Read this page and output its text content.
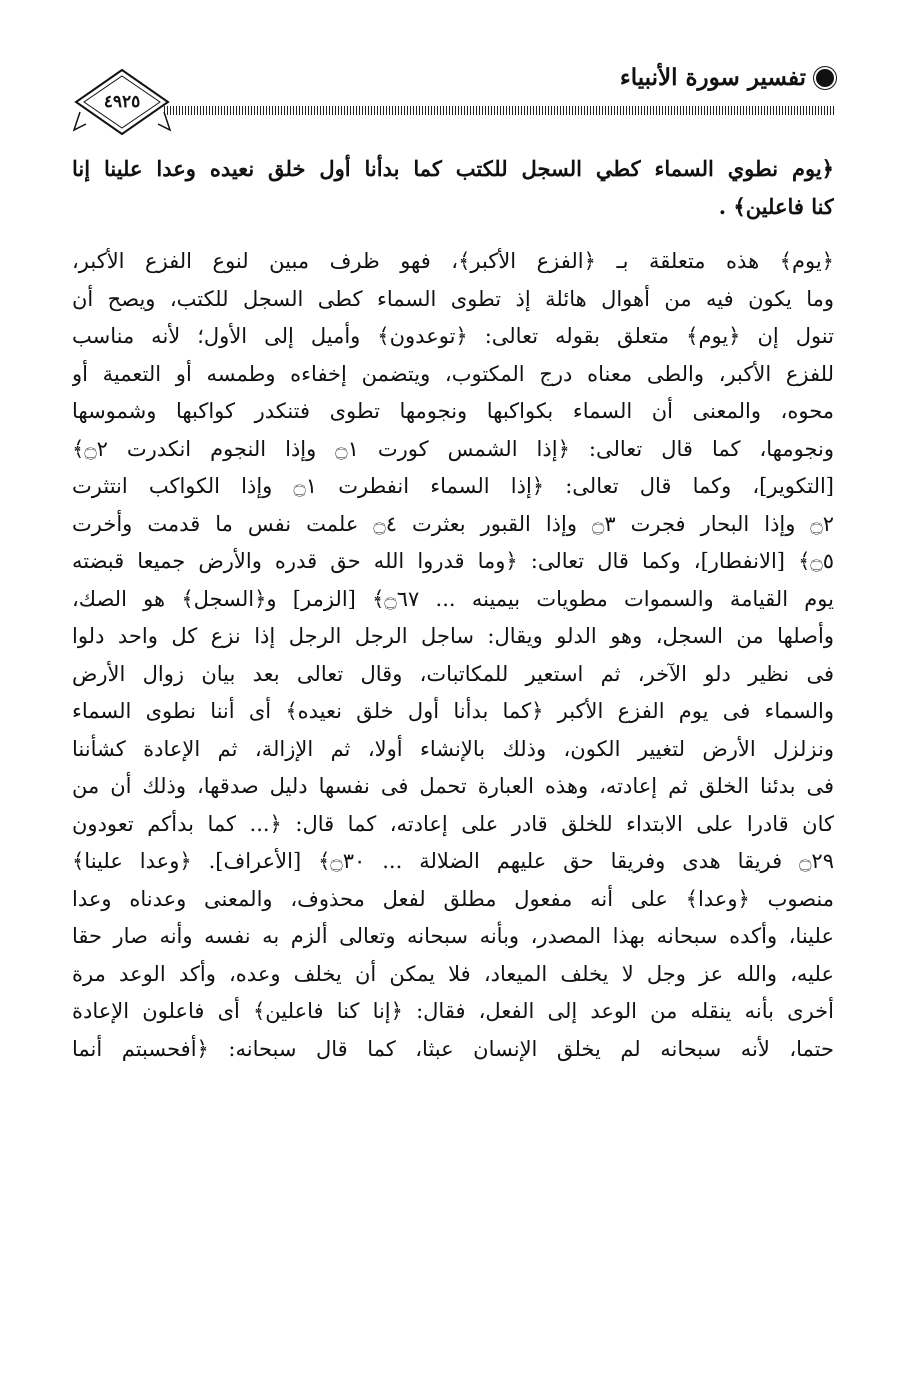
تفسير سورة الأنبياء
٤٩٢٥
﴿يوم نطوي السماء كطي السجل للكتب كما بدأنا أول خلق نعيده وعدا علينا إنا
كنا فاعلين﴾ .
﴿يوم﴾ هذه متعلقة بـ ﴿الفزع الأكبر﴾، فهو ظرف مبين لنوع الفزع الأكبر،
وما يكون فيه من أهوال هائلة إذ تطوى السماء كطى السجل للكتب، ويصح أن
تنول إن ﴿يوم﴾ متعلق بقوله تعالى: ﴿توعدون﴾ وأميل إلى الأول؛ لأنه مناسب
للفزع الأكبر، والطى معناه درج المكتوب، ويتضمن إخفاءه وطمسه أو التعمية أو
محوه، والمعنى أن السماء بكواكبها ونجومها تطوى فتنكدر كواكبها وشموسها
ونجومها، كما قال تعالى: ﴿إذا الشمس كورت ۝١ وإذا النجوم انكدرت ۝٢﴾
[التكوير]، وكما قال تعالى: ﴿إذا السماء انفطرت ۝١ وإذا الكواكب انتثرت
۝٢ وإذا البحار فجرت ۝٣ وإذا القبور بعثرت ۝٤ علمت نفس ما قدمت وأخرت
۝٥﴾ [الانفطار]، وكما قال تعالى: ﴿وما قدروا الله حق قدره والأرض جميعا قبضته
يوم القيامة والسموات مطويات بيمينه ... ۝٦٧﴾ [الزمر] و﴿السجل﴾ هو الصك،
وأصلها من السجل، وهو الدلو ويقال: ساجل الرجل الرجل إذا نزع كل واحد دلوا
فى نظير دلو الآخر، ثم استعير للمكاتبات، وقال تعالى بعد بيان زوال الأرض
والسماء فى يوم الفزع الأكبر ﴿كما بدأنا أول خلق نعيده﴾ أى أننا نطوى السماء
ونزلزل الأرض لتغيير الكون، وذلك بالإنشاء أولا، ثم الإزالة، ثم الإعادة كشأننا
فى بدئنا الخلق ثم إعادته، وهذه العبارة تحمل فى نفسها دليل صدقها، وذلك أن من
كان قادرا على الابتداء للخلق قادر على إعادته، كما قال: ﴿... كما بدأكم تعودون
۝٢٩ فريقا هدى وفريقا حق عليهم الضلالة ... ۝٣٠﴾ [الأعراف]. ﴿وعدا علينا﴾
منصوب ﴿وعدا﴾ على أنه مفعول مطلق لفعل محذوف، والمعنى وعدناه وعدا
علينا، وأكده سبحانه بهذا المصدر، وبأنه سبحانه وتعالى ألزم به نفسه وأنه صار حقا
عليه، والله عز وجل لا يخلف الميعاد، فلا يمكن أن يخلف وعده، وأكد الوعد مرة
أخرى بأنه ينقله من الوعد إلى الفعل، فقال: ﴿إنا كنا فاعلين﴾ أى فاعلون الإعادة
حتما، لأنه سبحانه لم يخلق الإنسان عبثا، كما قال سبحانه: ﴿أفحسبتم أنما
